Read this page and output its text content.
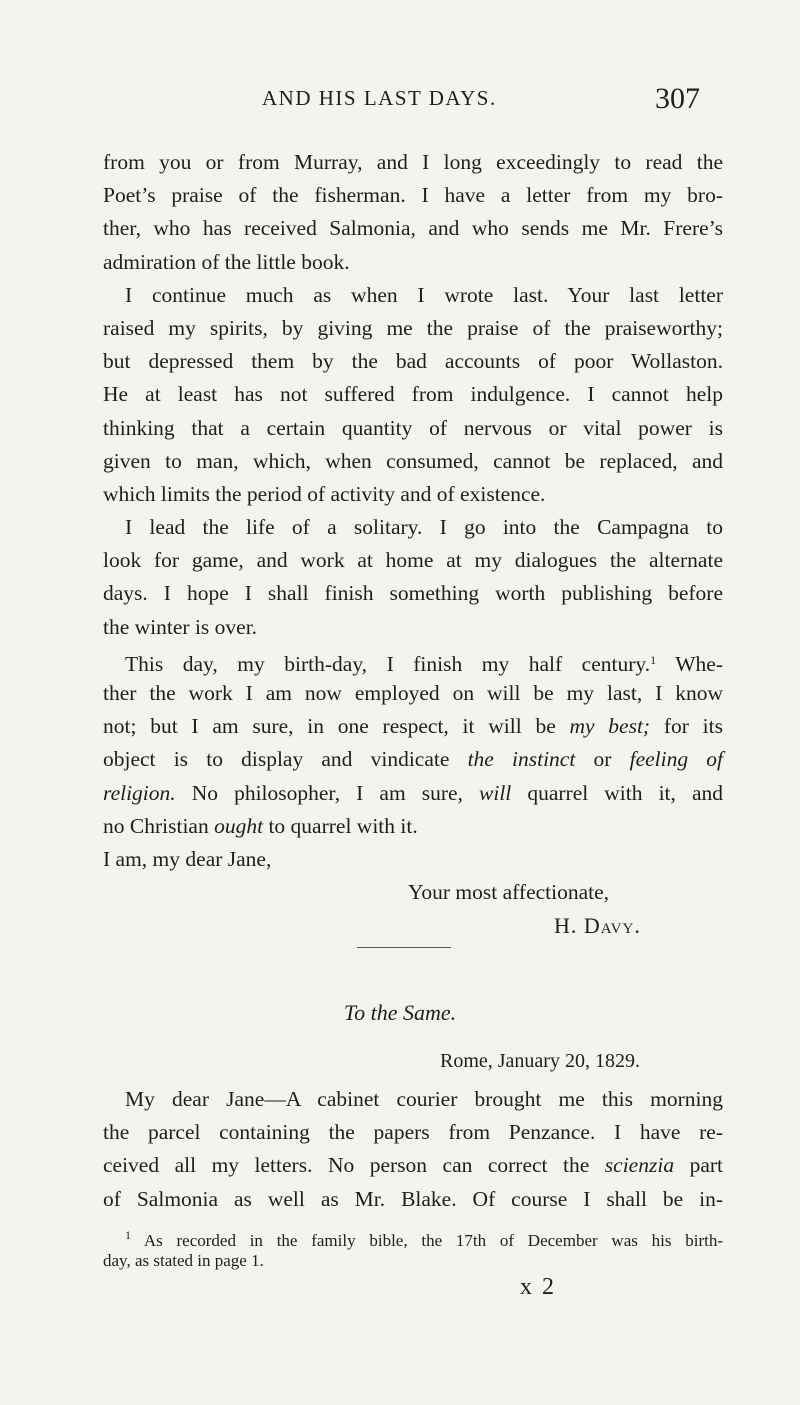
AND HIS LAST DAYS.	307
from you or from Murray, and I long exceedingly to read the
Poet’s praise of the fisherman. I have a letter from my bro-
ther, who has received Salmonia, and who sends me Mr. Frere’s
admiration of the little book.
I continue much as when I wrote last. Your last letter
raised my spirits, by giving me the praise of the praiseworthy;
but depressed them by the bad accounts of poor Wollaston.
He at least has not suffered from indulgence. I cannot help
thinking that a certain quantity of nervous or vital power is
given to man, which, when consumed, cannot be replaced, and
which limits the period of activity and of existence.
I lead the life of a solitary. I go into the Campagna to
look for game, and work at home at my dialogues the alternate
days. I hope I shall finish something worth publishing before
the winter is over.
This day, my birth-day, I finish my half century.$^1$ Whe-
ther the work I am now employed on will be my last, I know
not; but I am sure, in one respect, it will be my best; for its
object is to display and vindicate the instinct or feeling of
religion. No philosopher, I am sure, will quarrel with it, and
no Christian ought to quarrel with it.
I am, my dear Jane,
Your most affectionate,
H. Davy.
To the Same.
Rome, January 20, 1829.
My dear Jane—A cabinet courier brought me this morning
the parcel containing the papers from Penzance. I have re-
ceived all my letters. No person can correct the scienzia part
of Salmonia as well as Mr. Blake. Of course I shall be in-
$^1$ As recorded in the family bible, the 17th of December was his birth-
day, as stated in page 1.
x 2
